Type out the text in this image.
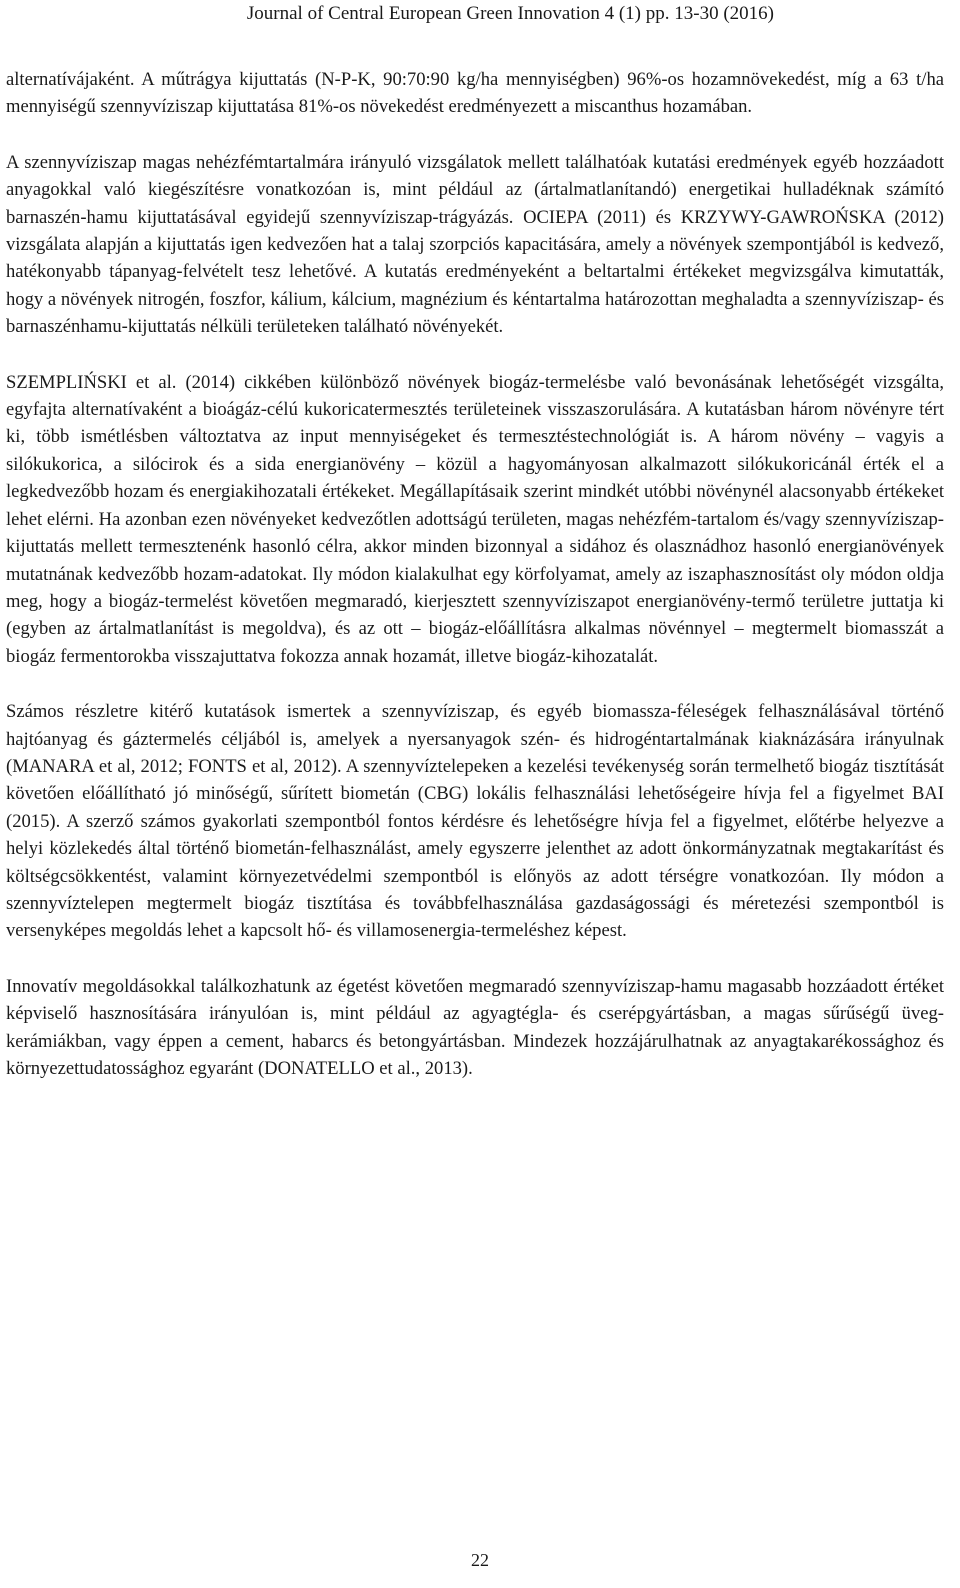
Journal of Central European Green Innovation 4 (1) pp. 13-30 (2016)

alternatívájaként. A műtrágya kijuttatás (N-P-K, 90:70:90 kg/ha mennyiségben) 96%-os hozamnövekedést, míg a 63 t/ha mennyiségű szennyvíziszap kijuttatása 81%-os növekedést eredményezett a miscanthus hozamában.

A szennyvíziszap magas nehézfémtartalmára irányuló vizsgálatok mellett találhatóak kutatási eredmények egyéb hozzáadott anyagokkal való kiegészítésre vonatkozóan is, mint például az (ártalmatlanítandó) energetikai hulladéknak számító barnaszén-hamu kijuttatásával egyidejű szennyvíziszap-trágyázás. OCIEPA (2011) és KRZYWY-GAWROŃSKA (2012) vizsgálata alapján a kijuttatás igen kedvezően hat a talaj szorpciós kapacitására, amely a növények szempontjából is kedvező, hatékonyabb tápanyag-felvételt tesz lehetővé. A kutatás eredményeként a beltartalmi értékeket megvizsgálva kimutatták, hogy a növények nitrogén, foszfor, kálium, kálcium, magnézium és kéntartalma határozottan meghaladta a szennyvíziszap- és barnaszénhamu-kijuttatás nélküli területeken található növényekét.

SZEMPLIŃSKI et al. (2014) cikkében különböző növények biogáz-termelésbe való bevonásának lehetőségét vizsgálta, egyfajta alternatívaként a bioágáz-célú kukoricatermesztés területeinek visszaszorulására. A kutatásban három növényre tért ki, több ismétlésben változtatva az input mennyiségeket és termesztéstechnológiát is. A három növény – vagyis a silókukorica, a silócirok és a sida energianövény – közül a hagyományosan alkalmazott silókukoricánál érték el a legkedvezőbb hozam és energiakihozatali értékeket. Megállapításaik szerint mindkét utóbbi növénynél alacsonyabb értékeket lehet elérni. Ha azonban ezen növényeket kedvezőtlen adottságú területen, magas nehézfém-tartalom és/vagy szennyvíziszap-kijuttatás mellett termesztenénk hasonló célra, akkor minden bizonnyal a sidához és olasznádhoz hasonló energianövények mutatnának kedvezőbb hozam-adatokat. Ily módon kialakulhat egy körfolyamat, amely az iszaphasznosítást oly módon oldja meg, hogy a biogáz-termelést követően megmaradó, kierjesztett szennyvíziszapot energianövény-termő területre juttatja ki (egyben az ártalmatlanítást is megoldva), és az ott – biogáz-előállításra alkalmas növénnyel – megtermelt biomasszát a biogáz fermentorokba visszajuttatva fokozza annak hozamát, illetve biogáz-kihozatalát.

Számos részletre kitérő kutatások ismertek a szennyvíziszap, és egyéb biomassza-féleségek felhasználásával történő hajtóanyag és gáztermelés céljából is, amelyek a nyersanyagok szén- és hidrogéntartalmának kiaknázására irányulnak (MANARA et al, 2012; FONTS et al, 2012). A szennyvíztelepeken a kezelési tevékenység során termelhető biogáz tisztítását követően előállítható jó minőségű, sűrített biometán (CBG) lokális felhasználási lehetőségeire hívja fel a figyelmet BAI (2015). A szerző számos gyakorlati szempontból fontos kérdésre és lehetőségre hívja fel a figyelmet, előtérbe helyezve a helyi közlekedés által történő biometán-felhasználást, amely egyszerre jelenthet az adott önkormányzatnak megtakarítást és költségcsökkentést, valamint környezetvédelmi szempontból is előnyös az adott térségre vonatkozóan. Ily módon a szennyvíztelepen megtermelt biogáz tisztítása és továbbfelhasználása gazdaságossági és méretezési szempontból is versenyképes megoldás lehet a kapcsolt hő- és villamosenergia-termeléshez képest.

Innovatív megoldásokkal találkozhatunk az égetést követően megmaradó szennyvíziszap-hamu magasabb hozzáadott értéket képviselő hasznosítására irányulóan is, mint például az agyagtégla- és cserépgyártásban, a magas sűrűségű üveg-kerámiákban, vagy éppen a cement, habarcs és betongyártásban. Mindezek hozzájárulhatnak az anyagtakarékossághoz és környezettudatossághoz egyaránt (DONATELLO et al., 2013).

22
